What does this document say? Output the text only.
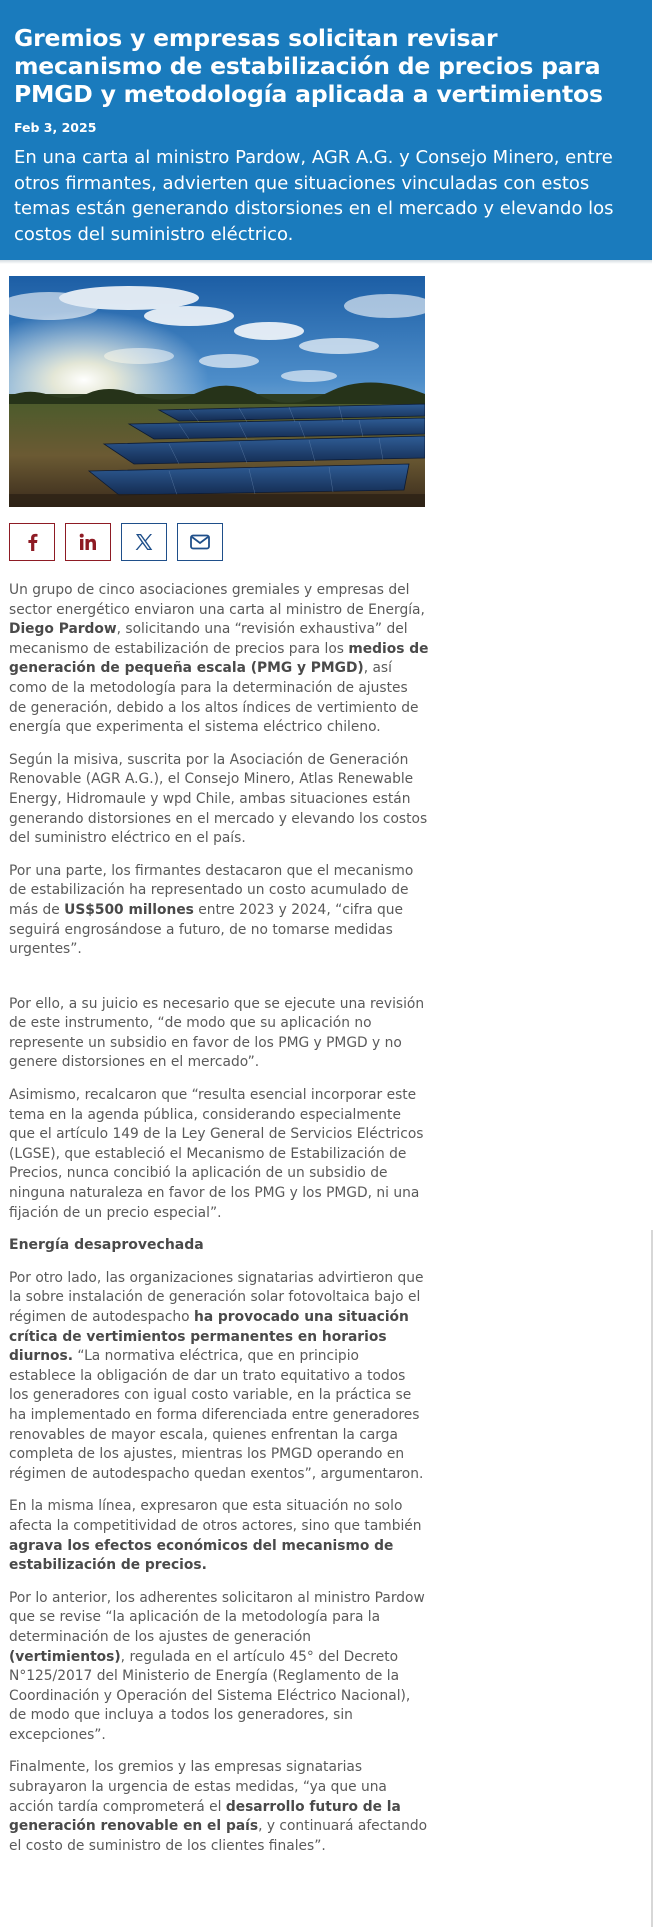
Gremios y empresas solicitan revisar mecanismo de estabilización de precios para PMGD y metodología aplicada a vertimientos
Feb 3, 2025
En una carta al ministro Pardow, AGR A.G. y Consejo Minero, entre otros firmantes, advierten que situaciones vinculadas con estos temas están generando distorsiones en el mercado y elevando los costos del suministro eléctrico.

Un grupo de cinco asociaciones gremiales y empresas del sector energético enviaron una carta al ministro de Energía, Diego Pardow, solicitando una “revisión exhaustiva” del mecanismo de estabilización de precios para los medios de generación de pequeña escala (PMG y PMGD), así como de la metodología para la determinación de ajustes de generación, debido a los altos índices de vertimiento de energía que experimenta el sistema eléctrico chileno.

Según la misiva, suscrita por la Asociación de Generación Renovable (AGR A.G.), el Consejo Minero, Atlas Renewable Energy, Hidromaule y wpd Chile, ambas situaciones están generando distorsiones en el mercado y elevando los costos del suministro eléctrico en el país.

Por una parte, los firmantes destacaron que el mecanismo de estabilización ha representado un costo acumulado de más de US$500 millones entre 2023 y 2024, “cifra que seguirá engrosándose a futuro, de no tomarse medidas urgentes”.

Por ello, a su juicio es necesario que se ejecute una revisión de este instrumento, “de modo que su aplicación no represente un subsidio en favor de los PMG y PMGD y no genere distorsiones en el mercado”.

Asimismo, recalcaron que “resulta esencial incorporar este tema en la agenda pública, considerando especialmente que el artículo 149 de la Ley General de Servicios Eléctricos (LGSE), que estableció el Mecanismo de Estabilización de Precios, nunca concibió la aplicación de un subsidio de ninguna naturaleza en favor de los PMG y los PMGD, ni una fijación de un precio especial”.

Energía desaprovechada

Por otro lado, las organizaciones signatarias advirtieron que la sobre instalación de generación solar fotovoltaica bajo el régimen de autodespacho ha provocado una situación crítica de vertimientos permanentes en horarios diurnos. “La normativa eléctrica, que en principio establece la obligación de dar un trato equitativo a todos los generadores con igual costo variable, en la práctica se ha implementado en forma diferenciada entre generadores renovables de mayor escala, quienes enfrentan la carga completa de los ajustes, mientras los PMGD operando en régimen de autodespacho quedan exentos”, argumentaron.

En la misma línea, expresaron que esta situación no solo afecta la competitividad de otros actores, sino que también agrava los efectos económicos del mecanismo de estabilización de precios.

Por lo anterior, los adherentes solicitaron al ministro Pardow que se revise “la aplicación de la metodología para la determinación de los ajustes de generación (vertimientos), regulada en el artículo 45° del Decreto N°125/2017 del Ministerio de Energía (Reglamento de la Coordinación y Operación del Sistema Eléctrico Nacional), de modo que incluya a todos los generadores, sin excepciones”.

Finalmente, los gremios y las empresas signatarias subrayaron la urgencia de estas medidas, “ya que una acción tardía comprometerá el desarrollo futuro de la generación renovable en el país, y continuará afectando el costo de suministro de los clientes finales”.
